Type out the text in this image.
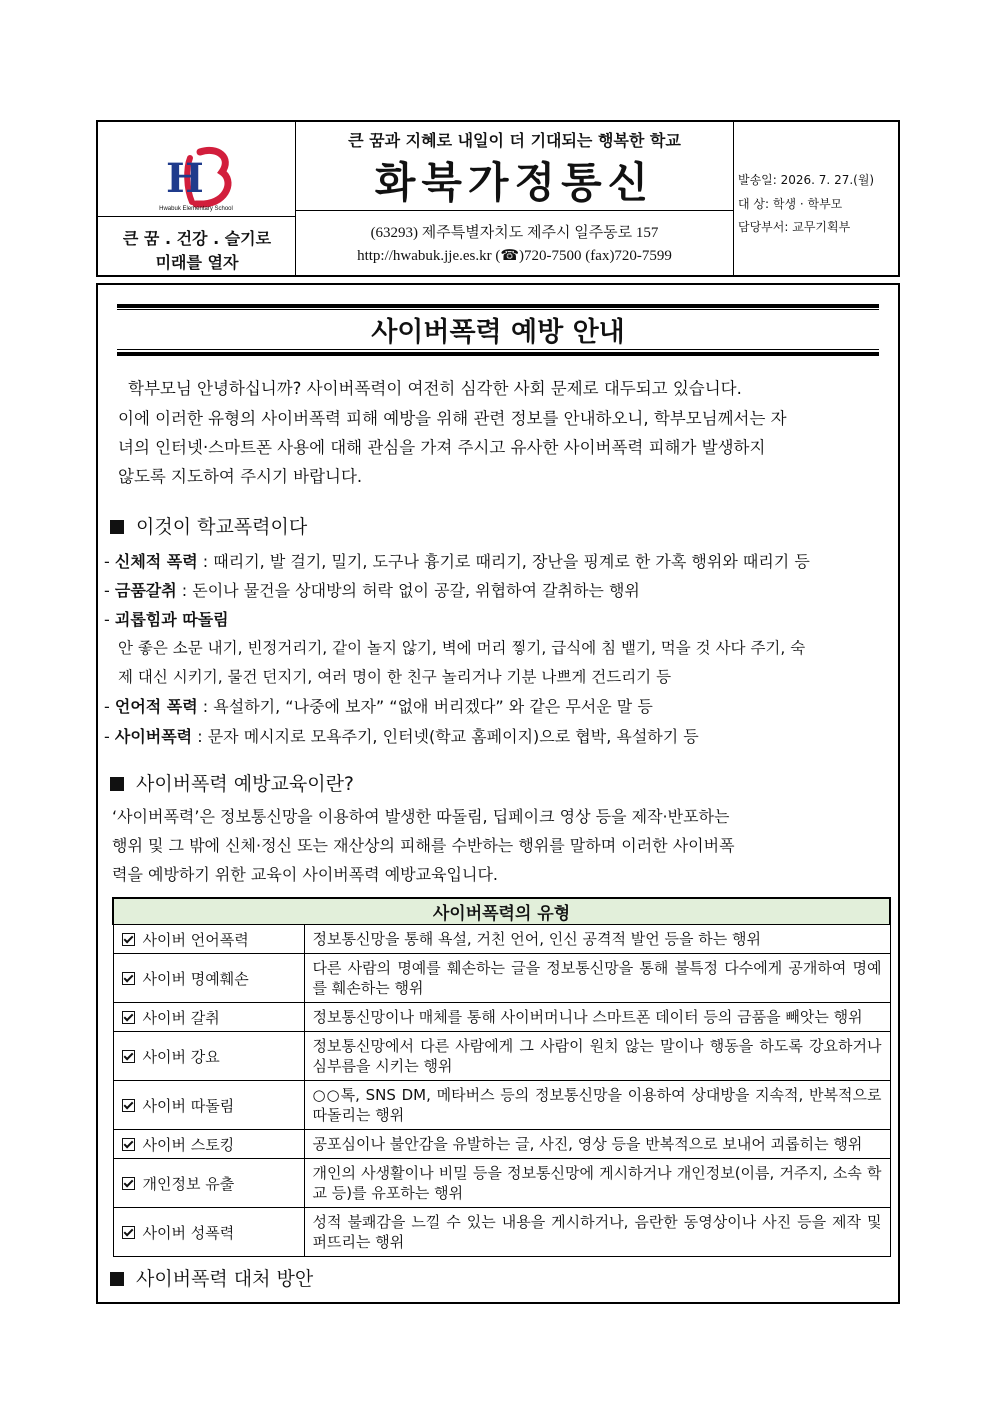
H
Hwabuk Elementary School
큰 꿈 . 건강 . 슬기로
미래를 열자
큰 꿈과 지혜로 내일이 더 기대되는 행복한 학교
화북가정통신
(63293) 제주특별자치도 제주시 일주동로 157
http://hwabuk.jje.es.kr (☎)720-7500 (fax)720-7599
발송일: 2026. 7. 27.(월)
대 상: 학생 · 학부모
담당부서: 교무기획부
사이버폭력 예방 안내
학부모님 안녕하십니까? 사이버폭력이 여전히 심각한 사회 문제로 대두되고 있습니다.
이에 이러한 유형의 사이버폭력 피해 예방을 위해 관련 정보를 안내하오니, 학부모님께서는 자
녀의 인터넷·스마트폰 사용에 대해 관심을 가져 주시고 유사한 사이버폭력 피해가 발생하지
않도록 지도하여 주시기 바랍니다.
이것이 학교폭력이다
- 신체적 폭력 : 때리기, 발 걸기, 밀기, 도구나 흉기로 때리기, 장난을 핑계로 한 가혹 행위와 때리기 등
- 금품갈취 : 돈이나 물건을 상대방의 허락 없이 공갈, 위협하여 갈취하는 행위
- 괴롭힘과 따돌림
안 좋은 소문 내기, 빈정거리기, 같이 놀지 않기, 벽에 머리 찧기, 급식에 침 뱉기, 먹을 것 사다 주기, 숙
제 대신 시키기, 물건 던지기, 여러 명이 한 친구 놀리거나 기분 나쁘게 건드리기 등
- 언어적 폭력 : 욕설하기, “나중에 보자” “없애 버리겠다” 와 같은 무서운 말 등
- 사이버폭력 : 문자 메시지로 모욕주기, 인터넷(학교 홈페이지)으로 협박, 욕설하기 등
사이버폭력 예방교육이란?
‘사이버폭력’은 정보통신망을 이용하여 발생한 따돌림, 딥페이크 영상 등을 제작·반포하는
행위 및 그 밖에 신체·정신 또는 재산상의 피해를 수반하는 행위를 말하며 이러한 사이버폭
력을 예방하기 위한 교육이 사이버폭력 예방교육입니다.
사이버폭력의 유형	
사이버 언어폭력	정보통신망을 통해 욕설, 거친 언어, 인신 공격적 발언 등을 하는 행위
사이버 명예훼손	다른 사람의 명예를 훼손하는 글을 정보통신망을 통해 불특정 다수에게 공개하여 명예를 훼손하는 행위
사이버 갈취	정보통신망이나 매체를 통해 사이버머니나 스마트폰 데이터 등의 금품을 빼앗는 행위
사이버 강요	정보통신망에서 다른 사람에게 그 사람이 원치 않는 말이나 행동을 하도록 강요하거나 심부름을 시키는 행위
사이버 따돌림	○○톡, SNS DM, 메타버스 등의 정보통신망을 이용하여 상대방을 지속적, 반복적으로 따돌리는 행위
사이버 스토킹	공포심이나 불안감을 유발하는 글, 사진, 영상 등을 반복적으로 보내어 괴롭히는 행위
개인정보 유출	개인의 사생활이나 비밀 등을 정보통신망에 게시하거나 개인정보(이름, 거주지, 소속 학교 등)를 유포하는 행위
사이버 성폭력	성적 불쾌감을 느낄 수 있는 내용을 게시하거나, 음란한 동영상이나 사진 등을 제작 및 퍼뜨리는 행위
사이버폭력 대처 방안
